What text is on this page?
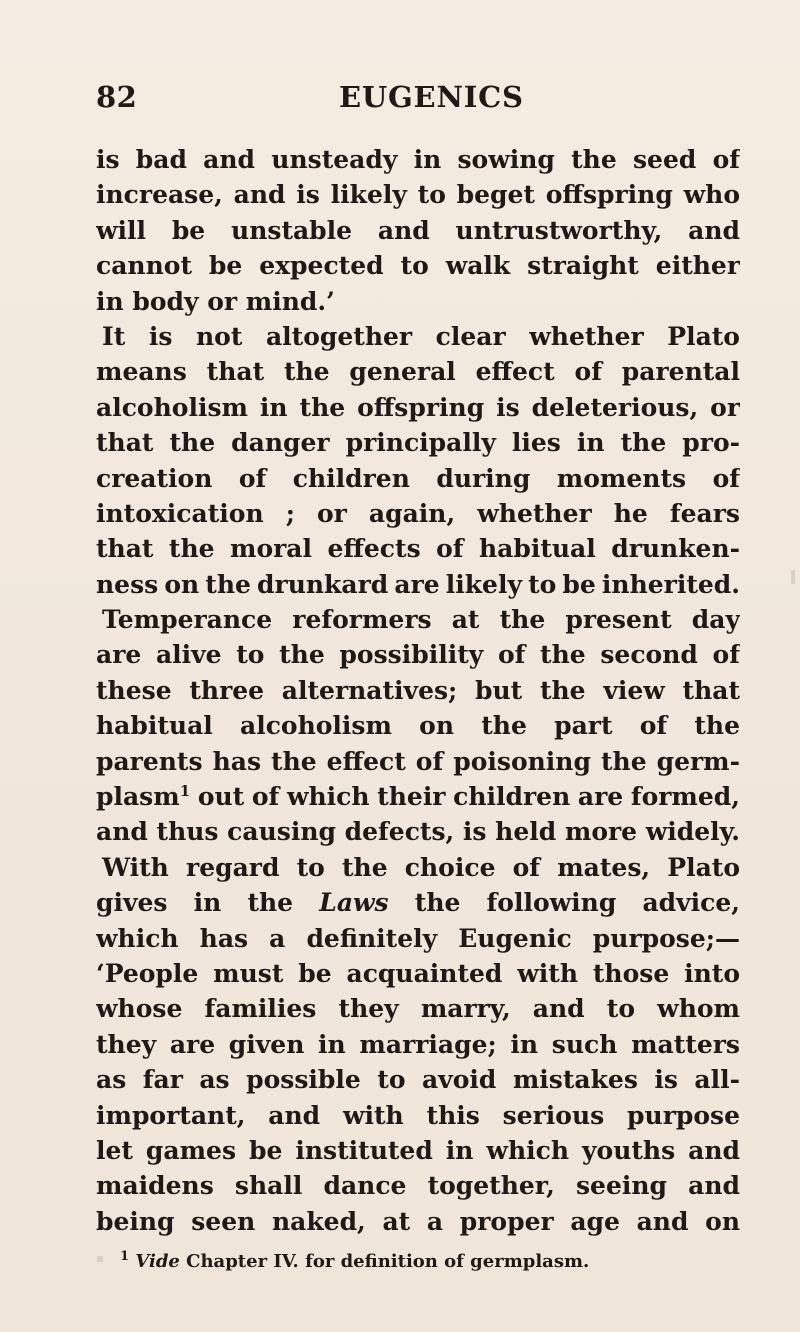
82	EUGENICS
is bad and unsteady in sowing the seed of
increase, and is likely to beget offspring who
will be unstable and untrustworthy, and
cannot be expected to walk straight either
in body or mind.’
It is not altogether clear whether Plato
means that the general effect of parental
alcoholism in the offspring is deleterious, or
that the danger principally lies in the pro-
creation of children during moments of
intoxication ; or again, whether he fears
that the moral effects of habitual drunken-
ness on the drunkard are likely to be inherited.
Temperance reformers at the present day
are alive to the possibility of the second of
these three alternatives; but the view that
habitual alcoholism on the part of the
parents has the effect of poisoning the germ-
plasm$^1$ out of which their children are formed,
and thus causing defects, is held more widely.
With regard to the choice of mates, Plato
gives in the Laws the following advice,
which has a definitely Eugenic purpose;—
‘People must be acquainted with those into
whose families they marry, and to whom
they are given in marriage; in such matters
as far as possible to avoid mistakes is all-
important, and with this serious purpose
let games be instituted in which youths and
maidens shall dance together, seeing and
being seen naked, at a proper age and on
$^1$ Vide Chapter IV. for definition of germplasm.
